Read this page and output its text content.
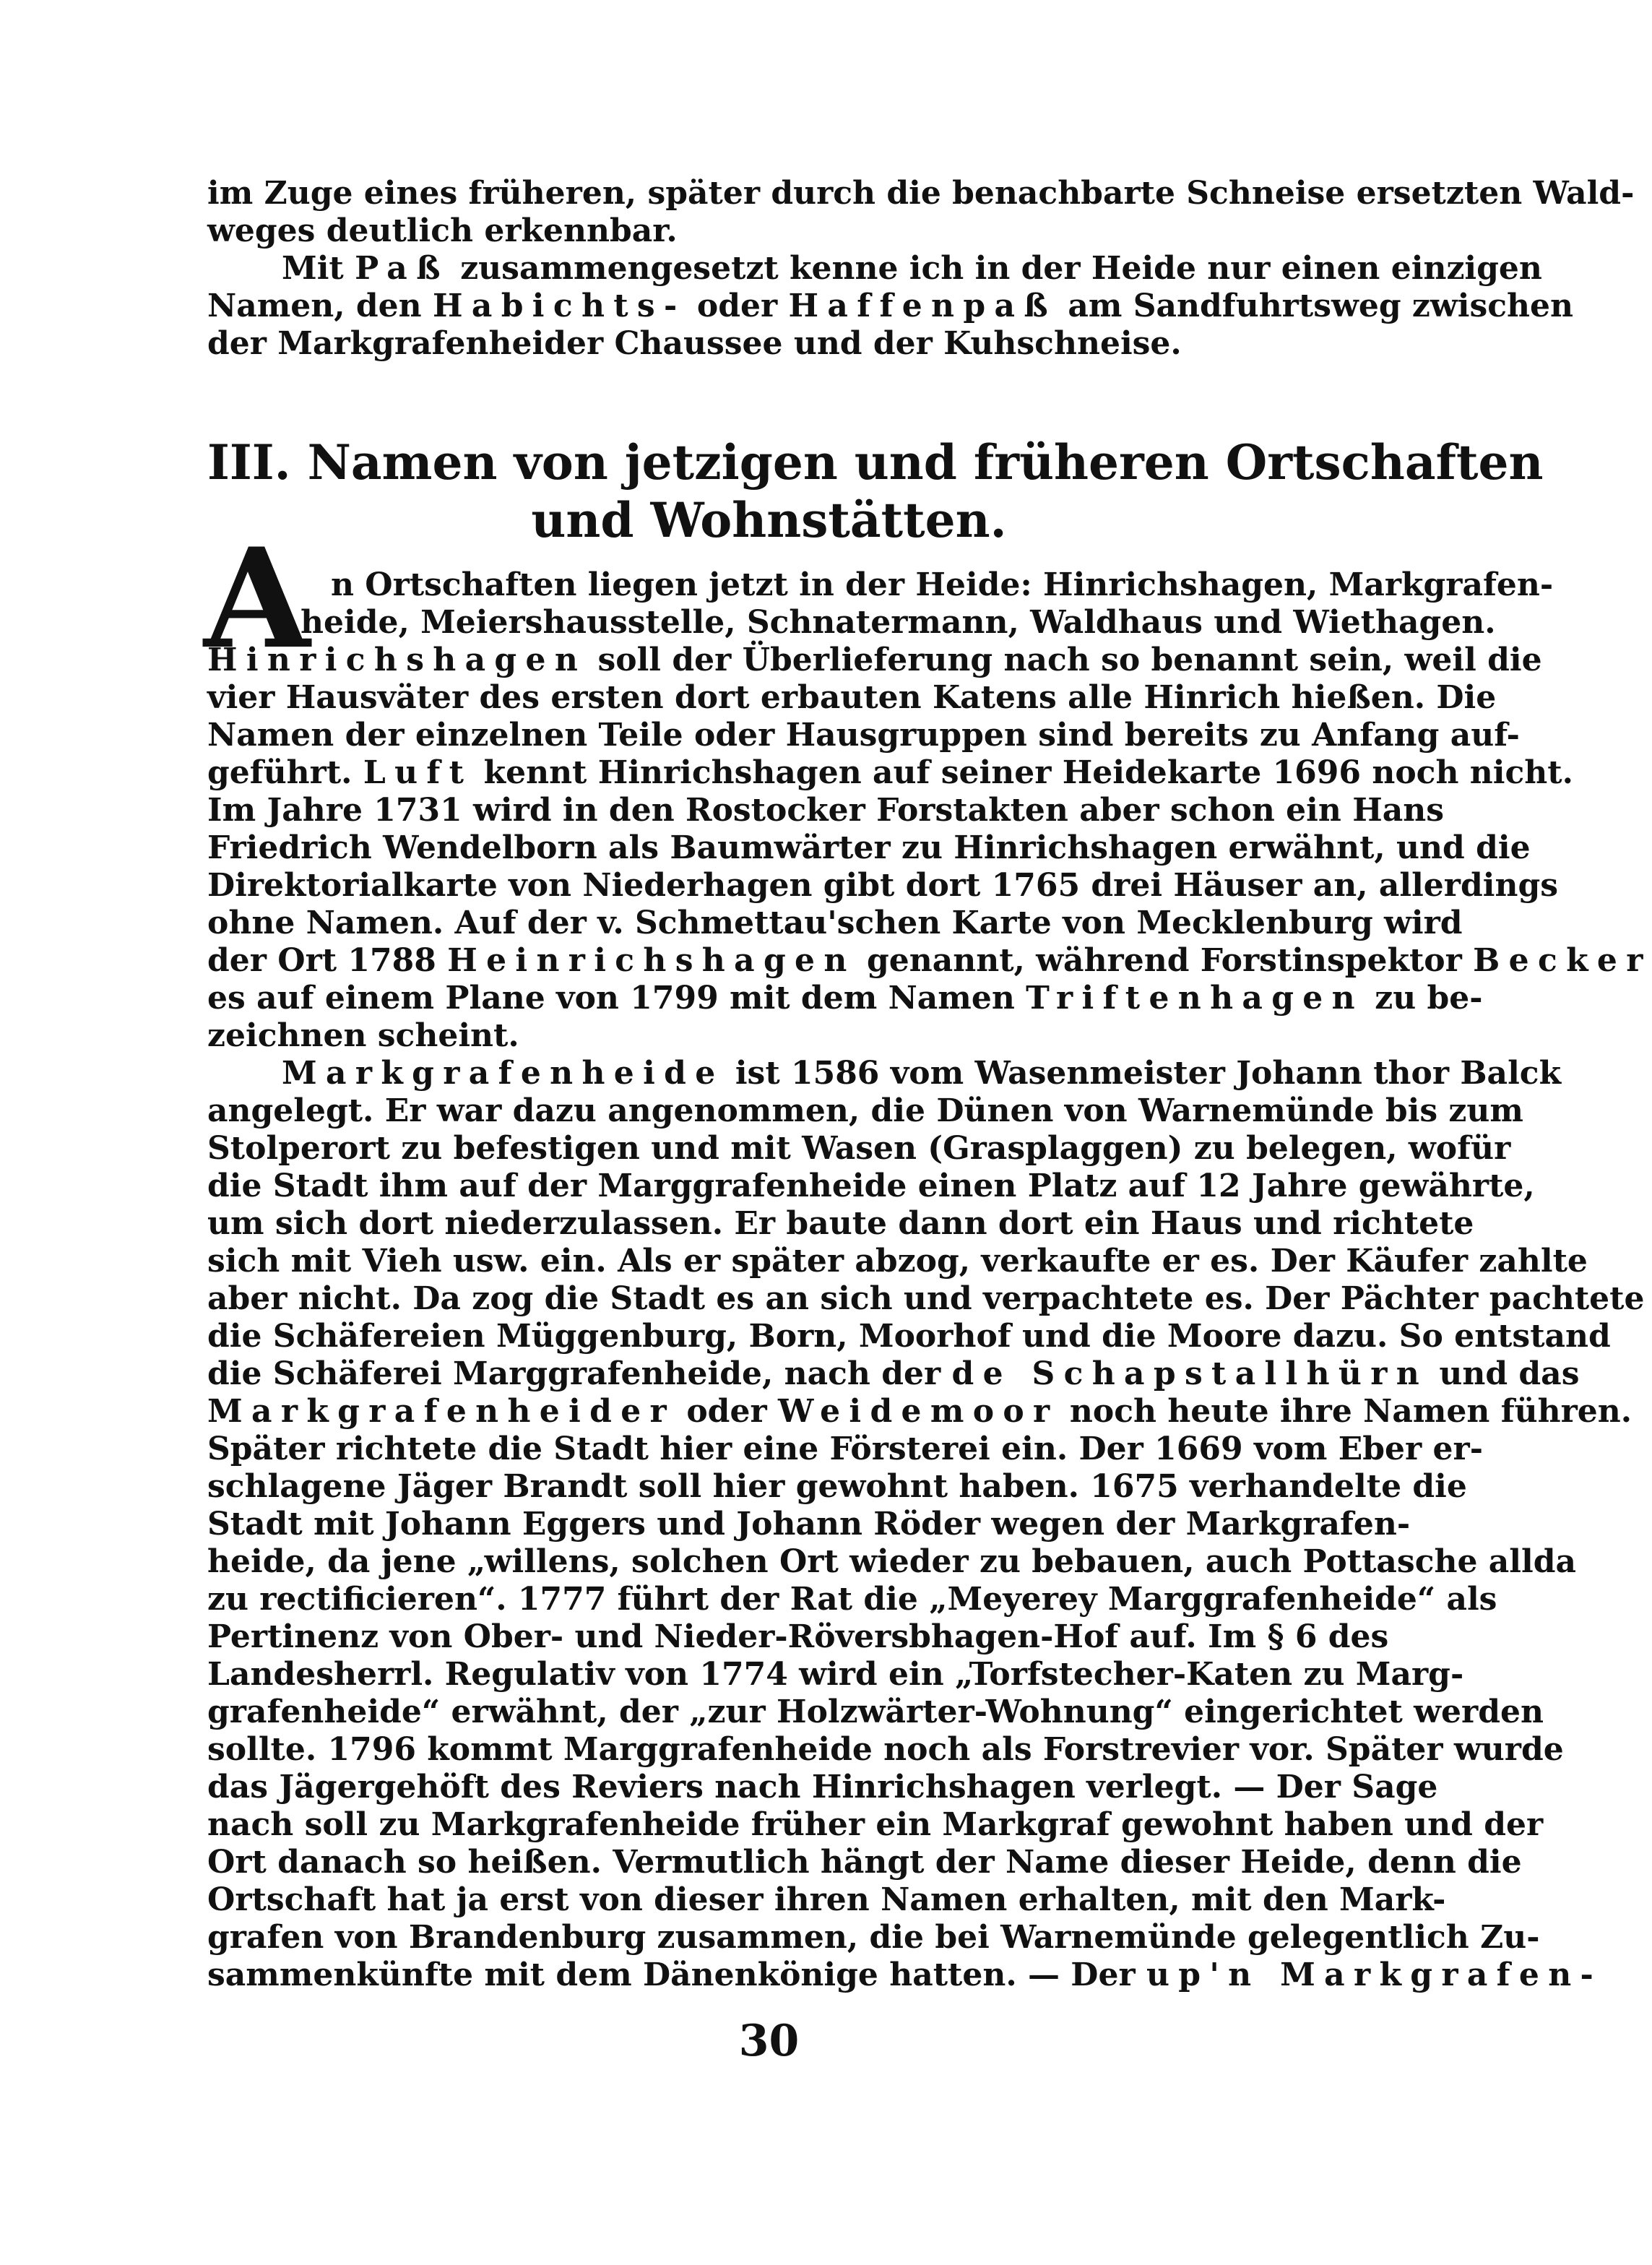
im Zuge eines früheren, später durch die benachbarte Schneise ersetzten Wald-
weges deutlich erkennbar.
Mit Paß zusammengesetzt kenne ich in der Heide nur einen einzigen
Namen, den Habichts- oder Haffenpaß am Sandfuhrtsweg zwischen
der Markgrafenheider Chaussee und der Kuhschneise.
III. Namen von jetzigen und früheren Ortschaften
und Wohnstätten.
A n Ortschaften liegen jetzt in der Heide: Hinrichshagen, Markgrafen-
heide, Meiershausstelle, Schnatermann, Waldhaus und Wiethagen.
Hinrichshagen soll der Überlieferung nach so benannt sein, weil die
vier Hausväter des ersten dort erbauten Katens alle Hinrich hießen. Die
Namen der einzelnen Teile oder Hausgruppen sind bereits zu Anfang auf-
geführt. Luft kennt Hinrichshagen auf seiner Heidekarte 1696 noch nicht.
Im Jahre 1731 wird in den Rostocker Forstakten aber schon ein Hans
Friedrich Wendelborn als Baumwärter zu Hinrichshagen erwähnt, und die
Direktorialkarte von Niederhagen gibt dort 1765 drei Häuser an, allerdings
ohne Namen. Auf der v. Schmettau'schen Karte von Mecklenburg wird
der Ort 1788 Heinrichshagen genannt, während Forstinspektor Becker
es auf einem Plane von 1799 mit dem Namen Triftenhagen zu be-
zeichnen scheint.
Markgrafenheide ist 1586 vom Wasenmeister Johann thor Balck
angelegt. Er war dazu angenommen, die Dünen von Warnemünde bis zum
Stolperort zu befestigen und mit Wasen (Grasplaggen) zu belegen, wofür
die Stadt ihm auf der Marggrafenheide einen Platz auf 12 Jahre gewährte,
um sich dort niederzulassen. Er baute dann dort ein Haus und richtete
sich mit Vieh usw. ein. Als er später abzog, verkaufte er es. Der Käufer zahlte
aber nicht. Da zog die Stadt es an sich und verpachtete es. Der Pächter pachtete
die Schäfereien Müggenburg, Born, Moorhof und die Moore dazu. So entstand
die Schäferei Marggrafenheide, nach der de Schapstallhürn und das
Markgrafenheider oder Weidemoor noch heute ihre Namen führen.
Später richtete die Stadt hier eine Försterei ein. Der 1669 vom Eber er-
schlagene Jäger Brandt soll hier gewohnt haben. 1675 verhandelte die
Stadt mit Johann Eggers und Johann Röder wegen der Markgrafen-
heide, da jene „willens, solchen Ort wieder zu bebauen, auch Pottasche allda
zu rectificieren“. 1777 führt der Rat die „Meyerey Marggrafenheide“ als
Pertinenz von Ober- und Nieder-Röversbhagen-Hof auf. Im § 6 des
Landesherrl. Regulativ von 1774 wird ein „Torfstecher-Katen zu Marg-
grafenheide“ erwähnt, der „zur Holzwärter-Wohnung“ eingerichtet werden
sollte. 1796 kommt Marggrafenheide noch als Forstrevier vor. Später wurde
das Jägergehöft des Reviers nach Hinrichshagen verlegt. — Der Sage
nach soll zu Markgrafenheide früher ein Markgraf gewohnt haben und der
Ort danach so heißen. Vermutlich hängt der Name dieser Heide, denn die
Ortschaft hat ja erst von dieser ihren Namen erhalten, mit den Mark-
grafen von Brandenburg zusammen, die bei Warnemünde gelegentlich Zu-
sammenkünfte mit dem Dänenkönige hatten. — Der up'n Markgrafen-
30
